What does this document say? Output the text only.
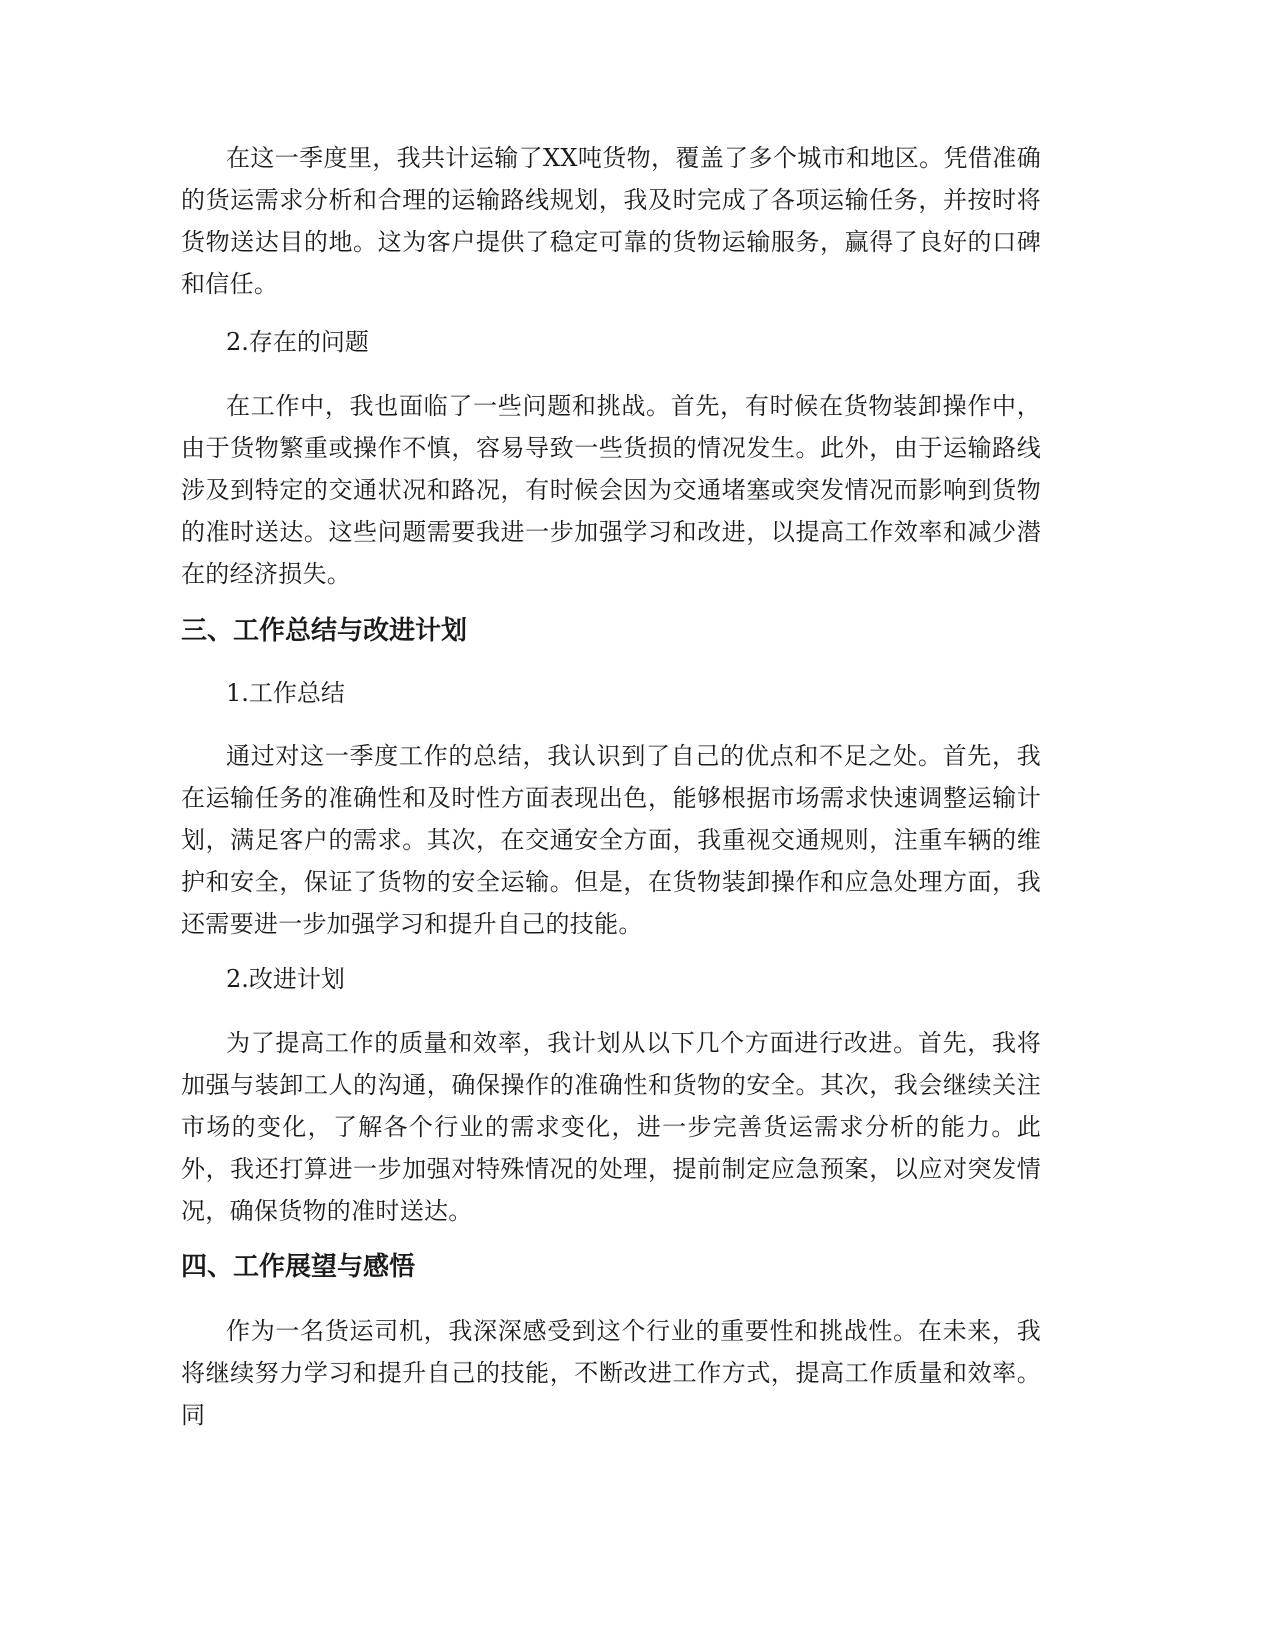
在这一季度里，我共计运输了XX吨货物，覆盖了多个城市和地区。凭借准确的货运需求分析和合理的运输路线规划，我及时完成了各项运输任务，并按时将货物送达目的地。这为客户提供了稳定可靠的货物运输服务，赢得了良好的口碑和信任。

2.存在的问题

在工作中，我也面临了一些问题和挑战。首先，有时候在货物装卸操作中，由于货物繁重或操作不慎，容易导致一些货损的情况发生。此外，由于运输路线涉及到特定的交通状况和路况，有时候会因为交通堵塞或突发情况而影响到货物的准时送达。这些问题需要我进一步加强学习和改进，以提高工作效率和减少潜在的经济损失。

三、工作总结与改进计划

1.工作总结

通过对这一季度工作的总结，我认识到了自己的优点和不足之处。首先，我在运输任务的准确性和及时性方面表现出色，能够根据市场需求快速调整运输计划，满足客户的需求。其次，在交通安全方面，我重视交通规则，注重车辆的维护和安全，保证了货物的安全运输。但是，在货物装卸操作和应急处理方面，我还需要进一步加强学习和提升自己的技能。

2.改进计划

为了提高工作的质量和效率，我计划从以下几个方面进行改进。首先，我将加强与装卸工人的沟通，确保操作的准确性和货物的安全。其次，我会继续关注市场的变化，了解各个行业的需求变化，进一步完善货运需求分析的能力。此外，我还打算进一步加强对特殊情况的处理，提前制定应急预案，以应对突发情况，确保货物的准时送达。

四、工作展望与感悟

作为一名货运司机，我深深感受到这个行业的重要性和挑战性。在未来，我将继续努力学习和提升自己的技能，不断改进工作方式，提高工作质量和效率。同
